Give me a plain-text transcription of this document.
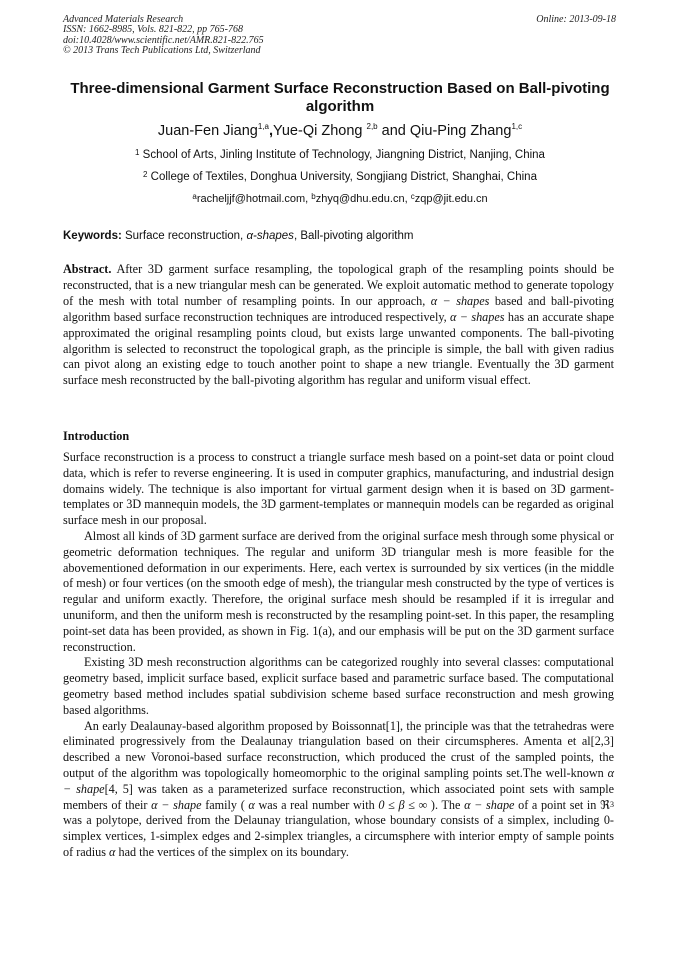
Advanced Materials Research
ISSN: 1662-8985, Vols. 821-822, pp 765-768
doi:10.4028/www.scientific.net/AMR.821-822.765
© 2013 Trans Tech Publications Ltd, Switzerland
Online: 2013-09-18
Three-dimensional Garment Surface Reconstruction Based on Ball-pivoting algorithm
Juan-Fen Jiang$^{1,a}$,Yue-Qi Zhong $^{2,b}$ and Qiu-Ping Zhang$^{1,c}$
$^1$ School of Arts, Jinling Institute of Technology, Jiangning District, Nanjing, China
$^2$ College of Textiles, Donghua University, Songjiang District, Shanghai, China
$^a$racheljjf@hotmail.com, $^b$zhyq@dhu.edu.cn, $^c$zqp@jit.edu.cn
Keywords: Surface reconstruction, α-shapes, Ball-pivoting algorithm

Abstract. After 3D garment surface resampling, the topological graph of the resampling points should be reconstructed, that is a new triangular mesh can be generated. We exploit automatic method to generate topology of the mesh with total number of resampling points. In our approach, α − shapes based and ball-pivoting algorithm based surface reconstruction techniques are introduced respectively, α − shapes has an accurate shape approximated the original resampling points cloud, but exists large unwanted components. The ball-pivoting algorithm is selected to reconstruct the topological graph, as the principle is simple, the ball with given radius can pivot along an existing edge to touch another point to shape a new triangle. Eventually the 3D garment surface mesh reconstructed by the ball-pivoting algorithm has regular and uniform visual effect.

Introduction

Surface reconstruction is a process to construct a triangle surface mesh based on a point-set data or point cloud data, which is refer to reverse engineering. It is used in computer graphics, manufacturing, and industrial design domains widely. The technique is also important for virtual garment design when it is based on 3D garment-templates or 3D mannequin models, the 3D garment-templates or mannequin models can be regarded as original surface mesh in our proposal.

Almost all kinds of 3D garment surface are derived from the original surface mesh through some physical or geometric deformation techniques. The regular and uniform 3D triangular mesh is more feasible for the abovementioned deformation in our experiments. Here, each vertex is surrounded by six vertices (in the middle of mesh) or four vertices (on the smooth edge of mesh), the triangular mesh constructed by the type of vertices is regular and uniform exactly. Therefore, the original surface mesh should be resampled if it is irregular and ununiform, and then the uniform mesh is reconstructed by the resampling point-set. In this paper, the resampling point-set data has been provided, as shown in Fig. 1(a), and our emphasis will be put on the 3D garment surface reconstruction.

Existing 3D mesh reconstruction algorithms can be categorized roughly into several classes: computational geometry based, implicit surface based, explicit surface based and parametric surface based. The computational geometry based method includes spatial subdivision scheme based surface reconstruction and mesh growing based algorithms.

An early Dealaunay-based algorithm proposed by Boissonnat[1], the principle was that the tetrahedras were eliminated progressively from the Dealaunay triangulation based on their circumspheres. Amenta et al[2,3] described a new Voronoi-based surface reconstruction, which produced the crust of the sampled points, the output of the algorithm was topologically homeomorphic to the original sampling points set.The well-known α − shape[4, 5] was taken as a parameterized surface reconstruction, which associated point sets with sample members of their α − shape family ( α was a real number with 0 ≤ β ≤ ∞ ). The α − shape of a point set in ℜ$^3$ was a polytope, derived from the Delaunay triangulation, whose boundary consists of a simplex, including 0-simplex vertices, 1-simplex edges and 2-simplex triangles, a circumsphere with interior empty of sample points of radius α had the vertices of the simplex on its boundary.
